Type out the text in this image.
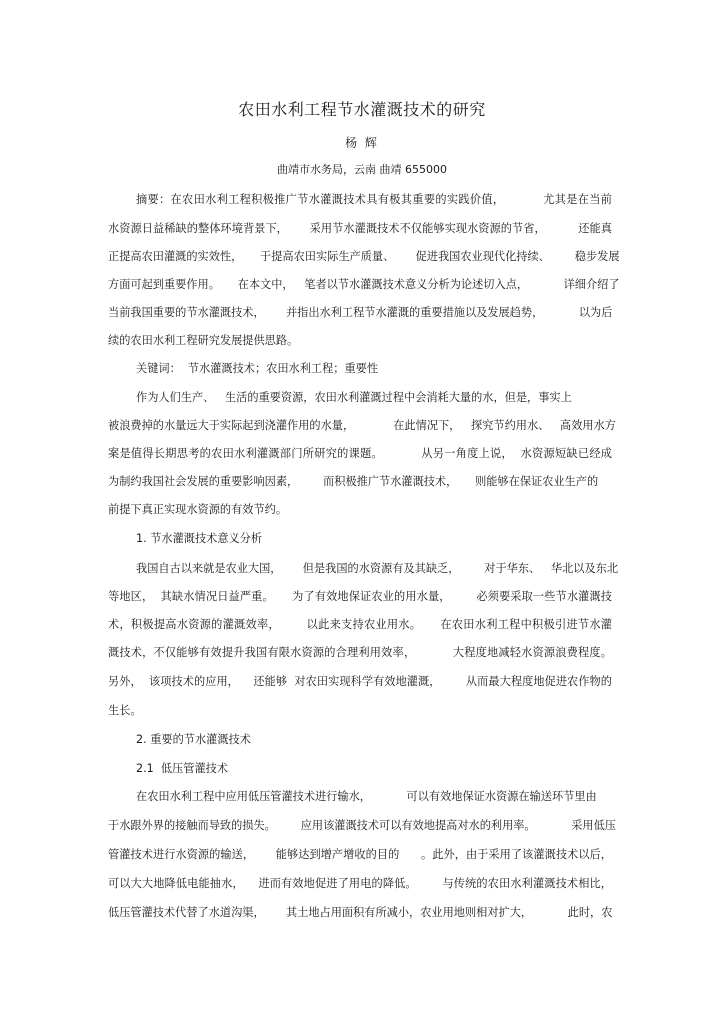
农田水利工程节水灌溉技术的研究
杨 辉
曲靖市水务局，云南 曲靖 655000
摘要：在农田水利工程积极推广节水灌溉技术具有极其重要的实践价值，          尤其是在当前
水资源日益稀缺的整体环境背景下，      采用节水灌溉技术不仅能够实现水资源的节省，         还能真
正提高农田灌溉的实效性，     于提高农田实际生产质量、      促进我国农业现代化持续、       稳步发展
方面可起到重要作用。     在本文中，   笔者以节水灌溉技术意义分析为论述切入点，          详细介绍了
当前我国重要的节水灌溉技术，      并指出水利工程节水灌溉的重要措施以及发展趋势，          以为后
续的农田水利工程研究发展提供思路。
关键词：  节水灌溉技术；农田水利工程；重要性
作为人们生产、   生活的重要资源，农田水利灌溉过程中会消耗大量的水，但是，事实上
被浪费掉的水量远大于实际起到浇灌作用的水量，           在此情况下，   探究节约用水、   高效用水方
案是值得长期思考的农田水利灌溉部门所研究的课题。          从另一角度上说，  水资源短缺已经成
为制约我国社会发展的重要影响因素，       而积极推广节水灌溉技术，     则能够在保证农业生产的
前提下真正实现水资源的有效节约。
1. 节水灌溉技术意义分析
我国自古以来就是农业大国，      但是我国的水资源有及其缺乏，       对于华东、   华北以及东北
等地区，  其缺水情况日益严重。     为了有效地保证农业的用水量，       必须要采取一些节水灌溉技
术，积极提高水资源的灌溉效率，       以此来支持农业用水。     在农田水利工程中积极引进节水灌
溉技术，不仅能够有效提升我国有限水资源的合理利用效率，          大程度地减轻水资源浪费程度。
另外，  该项技术的应用，    还能够  对农田实现科学有效地灌溉，       从而最大程度地促进农作物的
生长。
2. 重要的节水灌溉技术
2.1  低压管灌技术
在农田水利工程中应用低压管灌技术进行输水，          可以有效地保证水资源在输送环节里由
于水跟外界的接触而导致的损失。       应用该灌溉技术可以有效地提高对水的利用率。          采用低压
管灌技术进行水资源的输送，      能够达到增产增收的目的      。此外，由于采用了该灌溉技术以后，
可以大大地降低电能抽水，    进而有效地促进了用电的降低。       与传统的农田水利灌溉技术相比，
低压管灌技术代替了水道沟渠，      其土地占用面积有所减小，农业用地则相对扩大，          此时，农
